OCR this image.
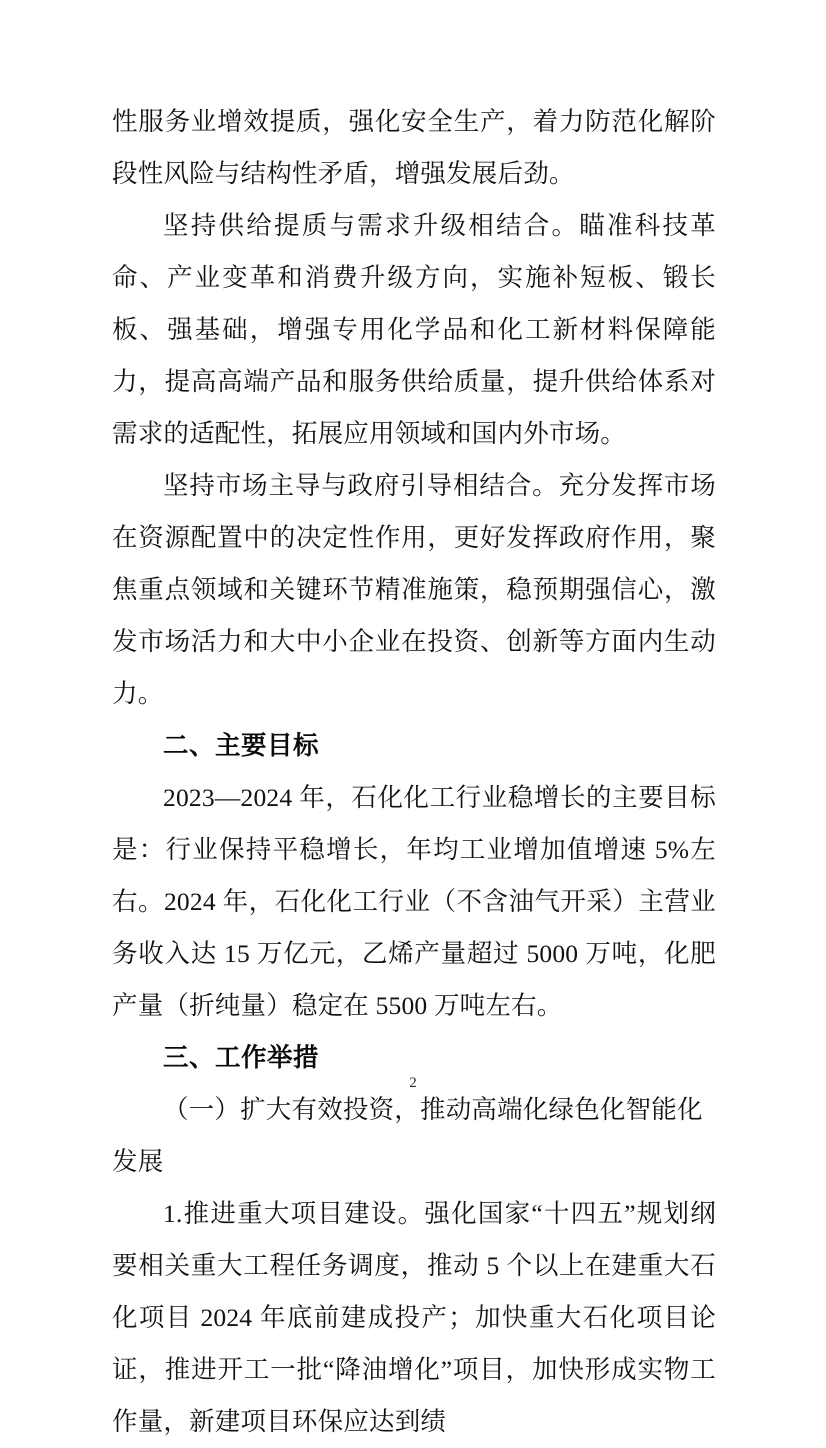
性服务业增效提质，强化安全生产，着力防范化解阶段性风险与结构性矛盾，增强发展后劲。

坚持供给提质与需求升级相结合。瞄准科技革命、产业变革和消费升级方向，实施补短板、锻长板、强基础，增强专用化学品和化工新材料保障能力，提高高端产品和服务供给质量，提升供给体系对需求的适配性，拓展应用领域和国内外市场。

坚持市场主导与政府引导相结合。充分发挥市场在资源配置中的决定性作用，更好发挥政府作用，聚焦重点领域和关键环节精准施策，稳预期强信心，激发市场活力和大中小企业在投资、创新等方面内生动力。

二、主要目标

2023—2024 年，石化化工行业稳增长的主要目标是：行业保持平稳增长，年均工业增加值增速 5%左右。2024 年，石化化工行业（不含油气开采）主营业务收入达 15 万亿元，乙烯产量超过 5000 万吨，化肥产量（折纯量）稳定在 5500 万吨左右。

三、工作举措

（一）扩大有效投资，推动高端化绿色化智能化发展

1.推进重大项目建设。强化国家“十四五”规划纲要相关重大工程任务调度，推动 5 个以上在建重大石化项目 2024 年底前建成投产；加快重大石化项目论证，推进开工一批“降油增化”项目，加快形成实物工作量，新建项目环保应达到绩

2
